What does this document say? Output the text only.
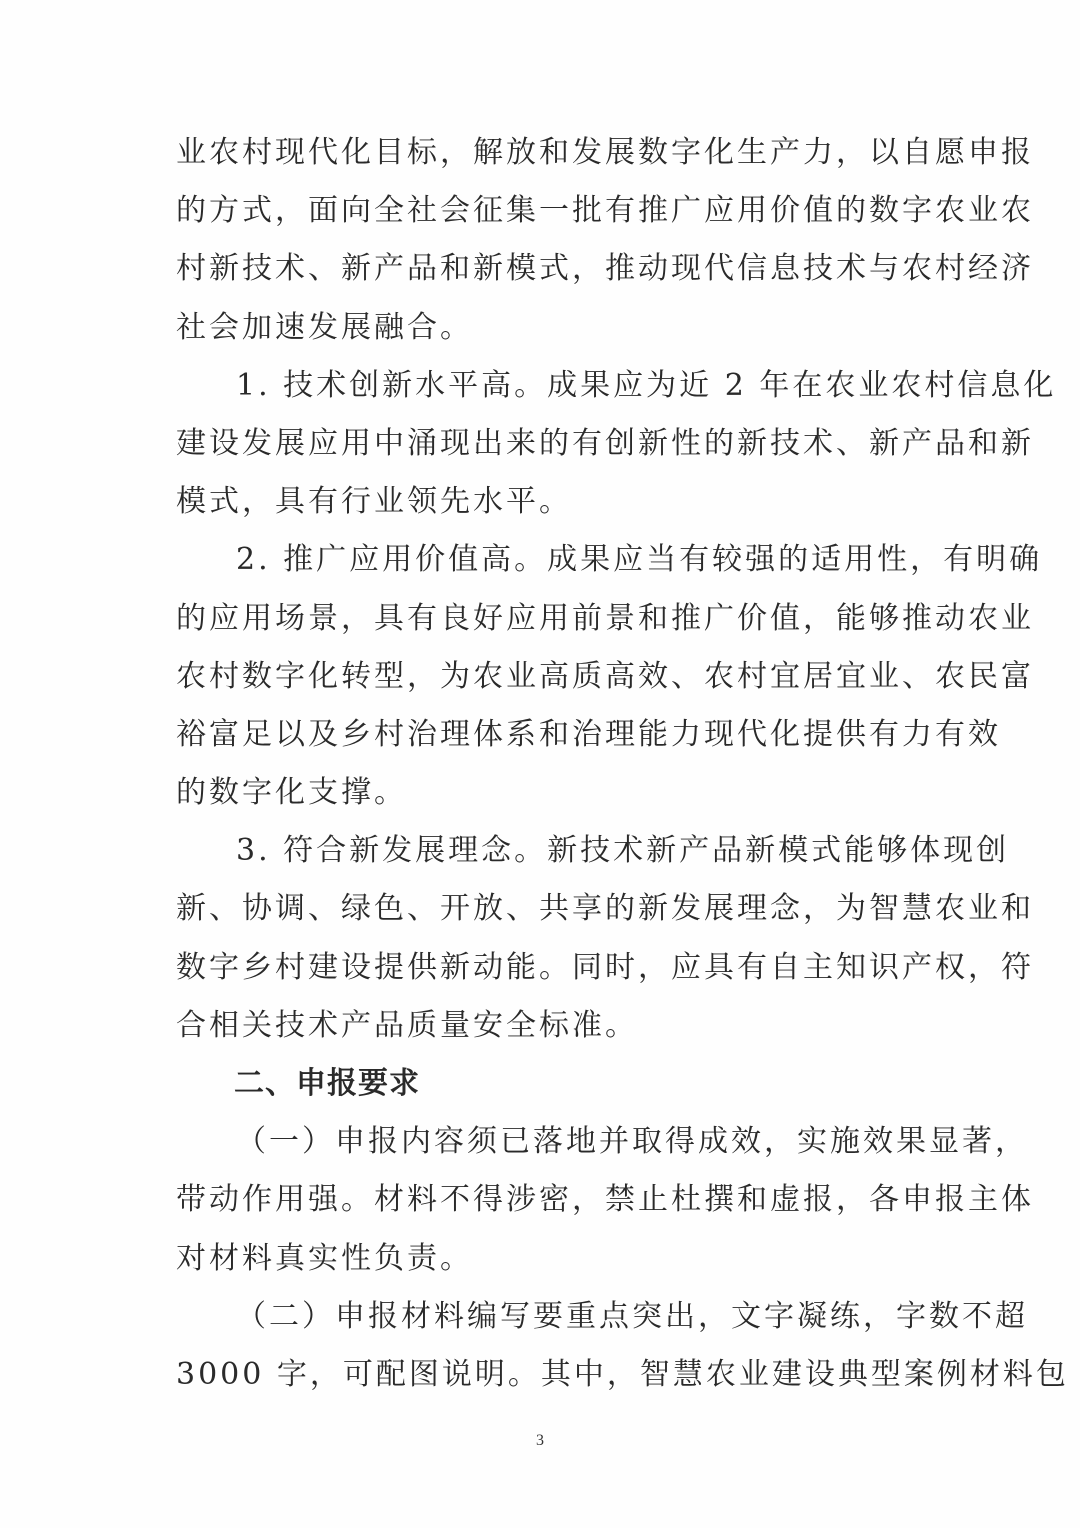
业农村现代化目标，解放和发展数字化生产力，以自愿申报
的方式，面向全社会征集一批有推广应用价值的数字农业农
村新技术、新产品和新模式，推动现代信息技术与农村经济
社会加速发展融合。
1. 技术创新水平高。成果应为近 2 年在农业农村信息化
建设发展应用中涌现出来的有创新性的新技术、新产品和新
模式，具有行业领先水平。
2. 推广应用价值高。成果应当有较强的适用性，有明确
的应用场景，具有良好应用前景和推广价值，能够推动农业
农村数字化转型，为农业高质高效、农村宜居宜业、农民富
裕富足以及乡村治理体系和治理能力现代化提供有力有效
的数字化支撑。
3. 符合新发展理念。新技术新产品新模式能够体现创
新、协调、绿色、开放、共享的新发展理念，为智慧农业和
数字乡村建设提供新动能。同时，应具有自主知识产权，符
合相关技术产品质量安全标准。
二、申报要求
（一）申报内容须已落地并取得成效，实施效果显著，
带动作用强。材料不得涉密，禁止杜撰和虚报，各申报主体
对材料真实性负责。
（二）申报材料编写要重点突出，文字凝练，字数不超
3000 字，可配图说明。其中，智慧农业建设典型案例材料包
3
